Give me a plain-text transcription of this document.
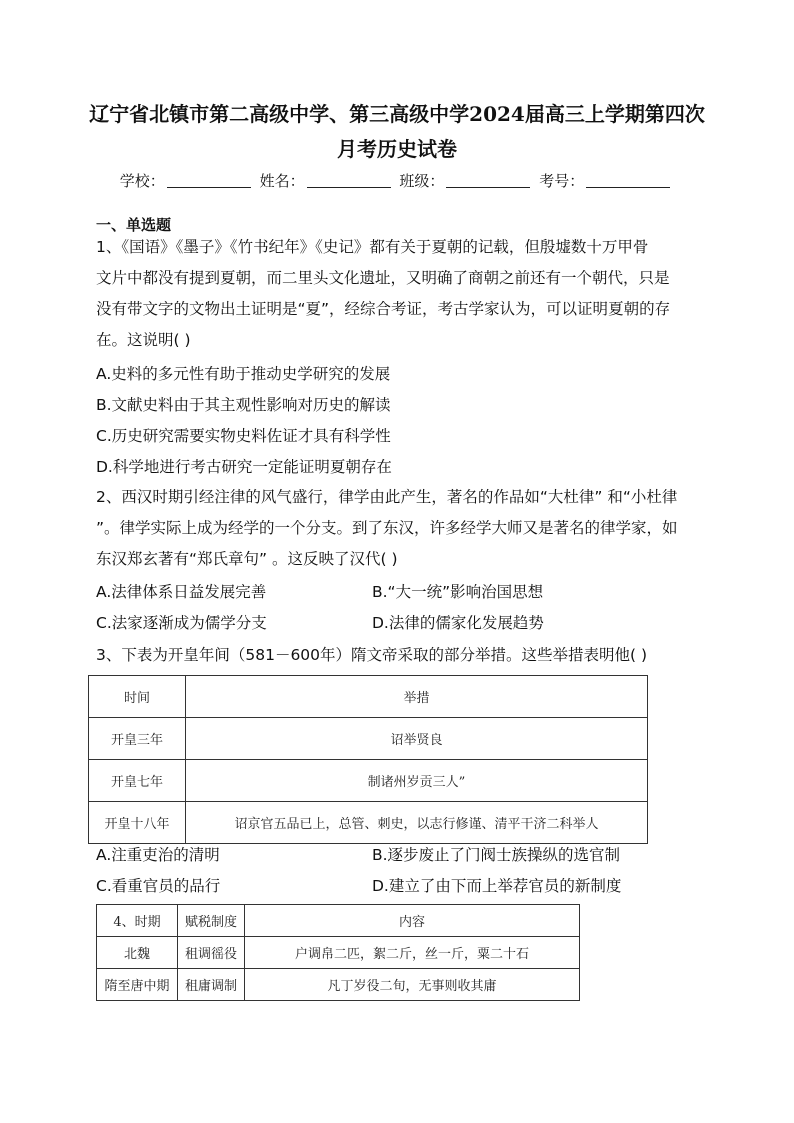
辽宁省北镇市第二高级中学、第三高级中学2024届高三上学期第四次
月考历史试卷
学校：	姓名：	班级：	考号：
一、单选题
1、《国语》《墨子》《竹书纪年》《史记》都有关于夏朝的记载，但殷墟数十万甲骨
文片中都没有提到夏朝，而二里头文化遗址，又明确了商朝之前还有一个朝代，只是
没有带文字的文物出土证明是“夏”，经综合考证，考古学家认为，可以证明夏朝的存
在。这说明( )
A.史料的多元性有助于推动史学研究的发展
B.文献史料由于其主观性影响对历史的解读
C.历史研究需要实物史料佐证才具有科学性
D.科学地进行考古研究一定能证明夏朝存在
2、西汉时期引经注律的风气盛行，律学由此产生，著名的作品如“大杜律” 和“小杜律
”。律学实际上成为经学的一个分支。到了东汉，许多经学大师又是著名的律学家，如
东汉郑玄著有“郑氏章句” 。这反映了汉代( )
A.法律体系日益发展完善	B.“大一统”影响治国思想
C.法家逐渐成为儒学分支	D.法律的儒家化发展趋势
3、下表为开皇年间（581－600年）隋文帝采取的部分举措。这些举措表明他( )
时间	举措
开皇三年	诏举贤良
开皇七年	制诸州岁贡三人”
开皇十八年	诏京官五品已上，总管、刺史，以志行修谨、清平干济二科举人
A.注重吏治的清明	B.逐步废止了门阀士族操纵的选官制
C.看重官员的品行	D.建立了由下而上举荐官员的新制度
4、时期	赋税制度	内容
北魏	租调徭役	户调帛二匹，絮二斤，丝一斤，粟二十石
隋至唐中期	租庸调制	凡丁岁役二旬，无事则收其庸
